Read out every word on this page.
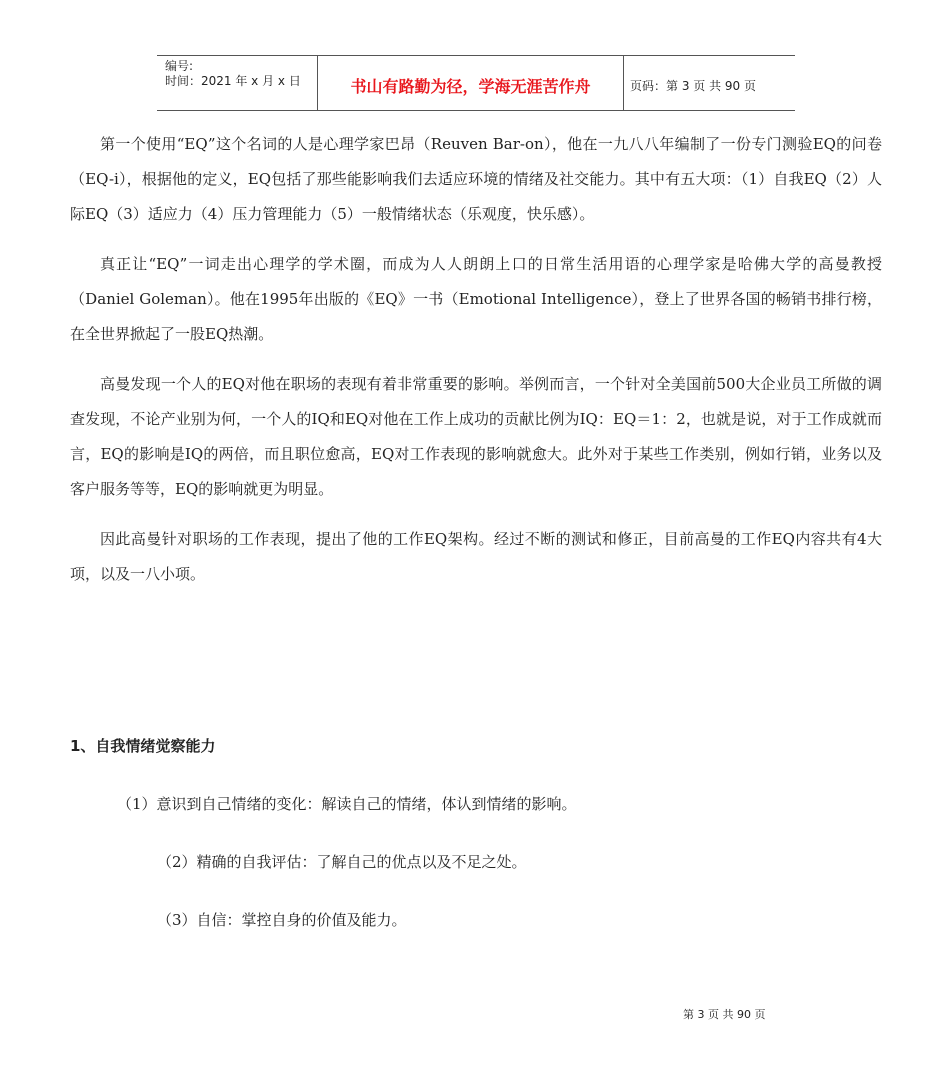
编号:
时间：2021 年 x 月 x 日	书山有路勤为径，学海无涯苦作舟	页码：第 3 页 共 90 页

第一个使用“EQ”这个名词的人是心理学家巴昂（Reuven Bar-on），他在一九八八年编制了一份专门测验EQ的问卷（EQ-i），根据他的定义，EQ包括了那些能影响我们去适应环境的情绪及社交能力。其中有五大项：（1）自我EQ（2）人际EQ（3）适应力（4）压力管理能力（5）一般情绪状态（乐观度，快乐感）。

真正让“EQ”一词走出心理学的学术圈，而成为人人朗朗上口的日常生活用语的心理学家是哈佛大学的高曼教授（Daniel Goleman）。他在1995年出版的《EQ》一书（Emotional Intelligence），登上了世界各国的畅销书排行榜，在全世界掀起了一股EQ热潮。

高曼发现一个人的EQ对他在职场的表现有着非常重要的影响。举例而言，一个针对全美国前500大企业员工所做的调查发现，不论产业别为何，一个人的IQ和EQ对他在工作上成功的贡献比例为IQ：EQ＝1：2，也就是说，对于工作成就而言，EQ的影响是IQ的两倍，而且职位愈高，EQ对工作表现的影响就愈大。此外对于某些工作类别，例如行销，业务以及客户服务等等，EQ的影响就更为明显。

因此高曼针对职场的工作表现，提出了他的工作EQ架构。经过不断的测试和修正，目前高曼的工作EQ内容共有4大项，以及一八小项。

1、自我情绪觉察能力
（1）意识到自己情绪的变化：解读自己的情绪，体认到情绪的影响。
（2）精确的自我评估：了解自己的优点以及不足之处。
（3）自信：掌控自身的价值及能力。
第 3 页 共 90 页
